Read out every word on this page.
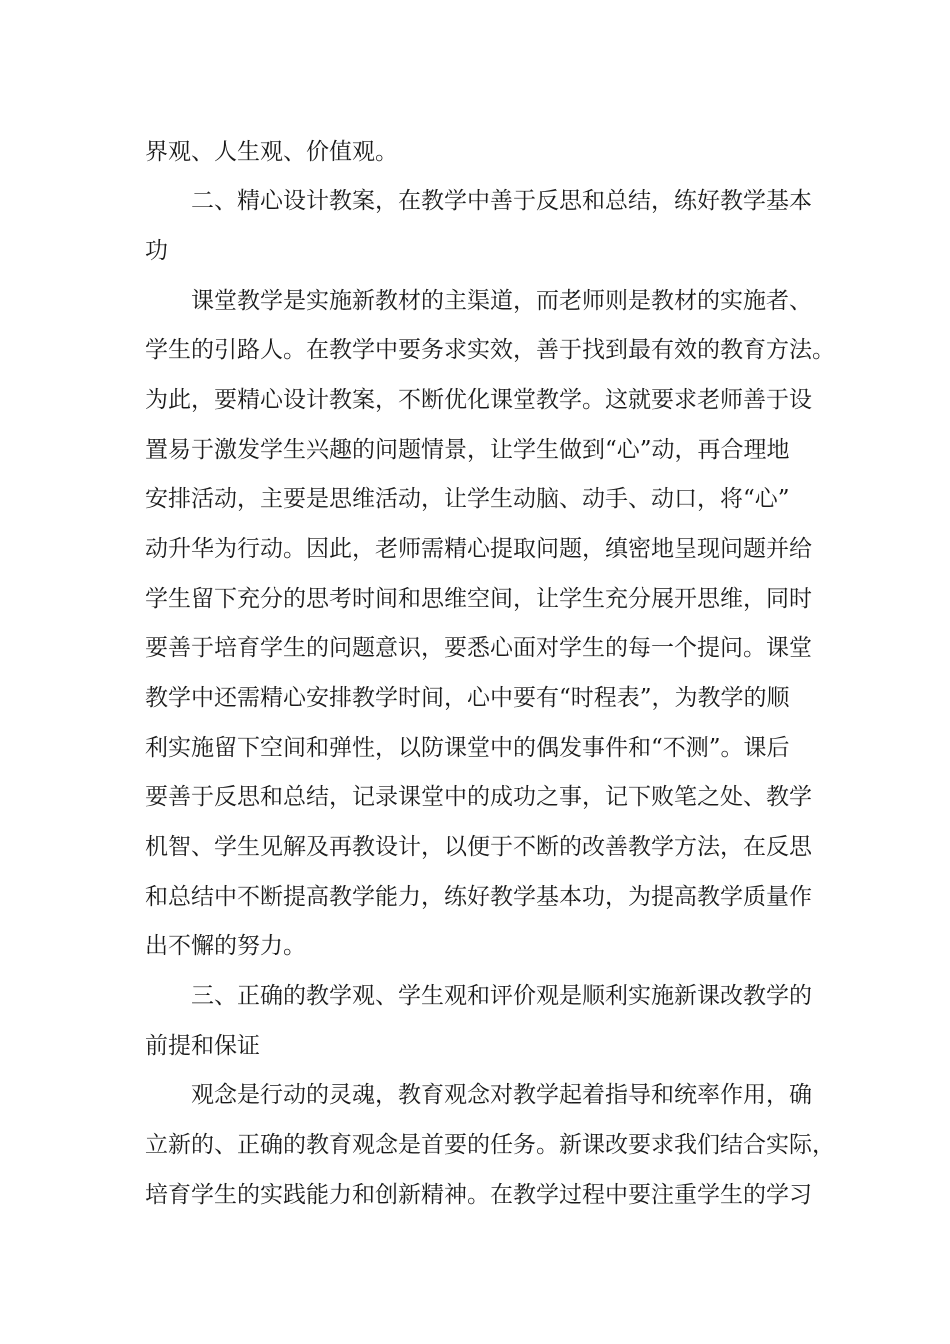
界观、人生观、价值观。
二、精心设计教案，在教学中善于反思和总结，练好教学基本
功
课堂教学是实施新教材的主渠道，而老师则是教材的实施者、
学生的引路人。在教学中要务求实效，善于找到最有效的教育方法。
为此，要精心设计教案，不断优化课堂教学。这就要求老师善于设
置易于激发学生兴趣的问题情景，让学生做到“心”动，再合理地
安排活动，主要是思维活动，让学生动脑、动手、动口，将“心”
动升华为行动。因此，老师需精心提取问题，缜密地呈现问题并给
学生留下充分的思考时间和思维空间，让学生充分展开思维，同时
要善于培育学生的问题意识，要悉心面对学生的每一个提问。课堂
教学中还需精心安排教学时间，心中要有“时程表”，为教学的顺
利实施留下空间和弹性，以防课堂中的偶发事件和“不测”。课后
要善于反思和总结，记录课堂中的成功之事，记下败笔之处、教学
机智、学生见解及再教设计，以便于不断的改善教学方法，在反思
和总结中不断提高教学能力，练好教学基本功，为提高教学质量作
出不懈的努力。
三、正确的教学观、学生观和评价观是顺利实施新课改教学的
前提和保证
观念是行动的灵魂，教育观念对教学起着指导和统率作用，确
立新的、正确的教育观念是首要的任务。新课改要求我们结合实际，
培育学生的实践能力和创新精神。在教学过程中要注重学生的学习
